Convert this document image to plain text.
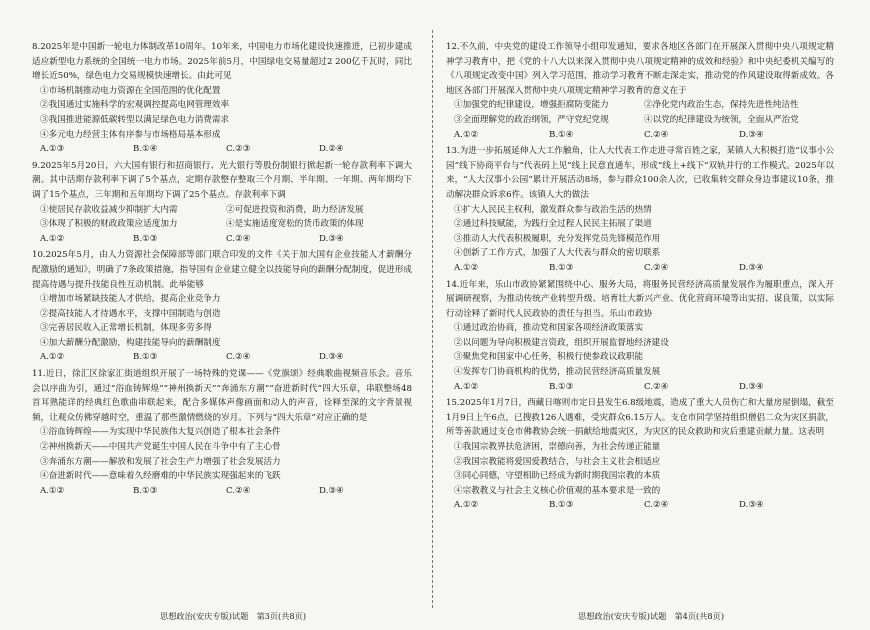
8.2025年是中国新一轮电力体制改革10周年。10年来，中国电力市场化建设快速推进，已初步建成适应新型电力系统的全国统一电力市场。2025年前5月，中国绿电交易量超过2 200亿千瓦时，同比增长近50%，绿色电力交易规模快速增长。由此可见
①市场机制推动电力资源在全国范围的优化配置
②我国通过实施科学的宏观调控提高电网管理效率
③我国推进能源低碳转型以满足绿色电力消费需求
④多元电力经营主体有序参与市场格局基本形成
A.①③	B.①④	C.②③	D.②④
9.2025年5月20日，六大国有银行和招商银行、光大银行等股份制银行掀起新一轮存款利率下调大潮。其中活期存款利率下调了5个基点，定期存款整存整取三个月期、半年期、一年期、两年期均下调了15个基点，三年期和五年期均下调了25个基点。存款利率下调
①使居民存款收益减少抑制扩大内需	②可促进投资和消费，助力经济发展
③体现了积极的财政政策应适度加力	④是实施适度宽松的货币政策的体现
A.①②	B.①③	C.②④	D.③④
10.2025年5月，由人力资源社会保障部等部门联合印发的文件《关于加大国有企业技能人才薪酬分配激励的通知》，明确了7条政策措施，指导国有企业建立健全以技能导向的薪酬分配制度，促进形成提高待遇与提升技能良性互动机制。此举能够
①增加市场紧缺技能人才供给，提高企业竞争力
②提高技能人才待遇水平，支撑中国制造与创造
③完善居民收入正常增长机制，体现多劳多得
④加大薪酬分配激励，构建技能导向的薪酬制度
A.①②	B.①③	C.②④	D.③④
11.近日，徐汇区徐家汇街道组织开展了一场特殊的党课——《党旗颂》经典歌曲视频音乐会。音乐会以序曲为引，通过“浴血铸辉煌”“神州换新天”“奔涌东方潮”“奋进新时代”四大乐章，串联整场48首耳熟能详的经典红色歌曲串联起来，配合多媒体声像画面和动人的声音，诠释至深的文字背景视频，让观众仿佛穿越时空，重温了那些激情燃烧的岁月。下列与“四大乐章”对应正确的是
①浴血铸辉煌——为实现中华民族伟大复兴创造了根本社会条件
②神州换新天——中国共产党诞生中国人民在斗争中有了主心骨
③奔涌东方潮——解放和发展了社会生产力增强了社会发展活力
④奋进新时代——意味着久经磨难的中华民族实现强起来的飞跃
A.①②	B.①③	C.②④	D.③④
12.不久前，中央党的建设工作领导小组印发通知，要求各地区各部门在开展深入贯彻中央八项规定精神学习教育中，把《党的十八大以来深入贯彻中央八项规定精神的成效和经验》和中央纪委机关编写的《八项规定改变中国》列入学习范围，推动学习教育不断走深走实，推动党的作风建设取得新成效。各地区各部门开展深入贯彻中央八项规定精神学习教育的意义在于
①加强党的纪律建设，增强拒腐防变能力	②净化党内政治生态，保持先进性纯洁性
③全面理解党的政治纲领，严守党纪党规	④以党的纪律建设为统领，全面从严治党
A.①②	B.①④	C.②④	D.③④
13.为进一步拓展延伸人大工作触角，让人大代表工作走进寻常百姓之家，某镇人大积极打造“议事小公园”线下协商平台与“代表码上见”线上民意直通车，形成“线上+线下”双轨并行的工作模式。2025年以来，“人大汉事小公园”累计开展活动8场，参与群众100余人次，已收集转交群众身边事建议10条，推动解决群众诉求6件。该镇人大的做法
①扩大人民民主权利，激发群众参与政治生活的热情
②通过科技赋能，为践行全过程人民民主拓展了渠道
③推动人大代表积极履职，充分发挥党员先锋模范作用
④创新了工作方式，加强了人大代表与群众的密切联系
A.①②	B.①③	C.②④	D.③④
14.近年来，乐山市政协紧紧围绕中心、服务大局，将服务民营经济高质量发展作为履职重点，深入开展调研视察，为推动传统产业转型升级、培育壮大新兴产业、优化营商环境等出实招、谋良策，以实际行动诠释了新时代人民政协的责任与担当。乐山市政协
①通过政治协商，推动党和国家各项经济政策落实
②以问题为导向积极建言资政，组织开展监督地经济建设
③聚焦党和国家中心任务，积极行使参政议政职能
④发挥专门协商机构的优势，推动民营经济高质量发展
A.①②	B.①③	C.②④	D.③④
15.2025年1月7日，西藏日喀则市定日县发生6.8级地震，造成了重大人员伤亡和大量房屋倒塌，截至1月9日上午6点，已搜救126人遇难，受灾群众6.15万人。支仓市同学坚持组织僧侣二众为灾区捐款，所等善款通过支仓市佛教协会统一捐献给地震灾区，为灾区的民众救助和灾后重建贡献力量。这表明
①我国宗教界扶危济困，崇德向善，为社会传递正能量
②我国宗教能将爱国爱教结合，与社会主义社会相适应
③同心同德，守望相助已经成为新时期我国宗教的本质
④宗教教义与社会主义核心价值观的基本要求是一致的
A.①②	B.①③	C.②④	D.③④
思想政治(安庆专版)试题　第3页(共8页)	思想政治(安庆专版)试题　第4页(共8页)
